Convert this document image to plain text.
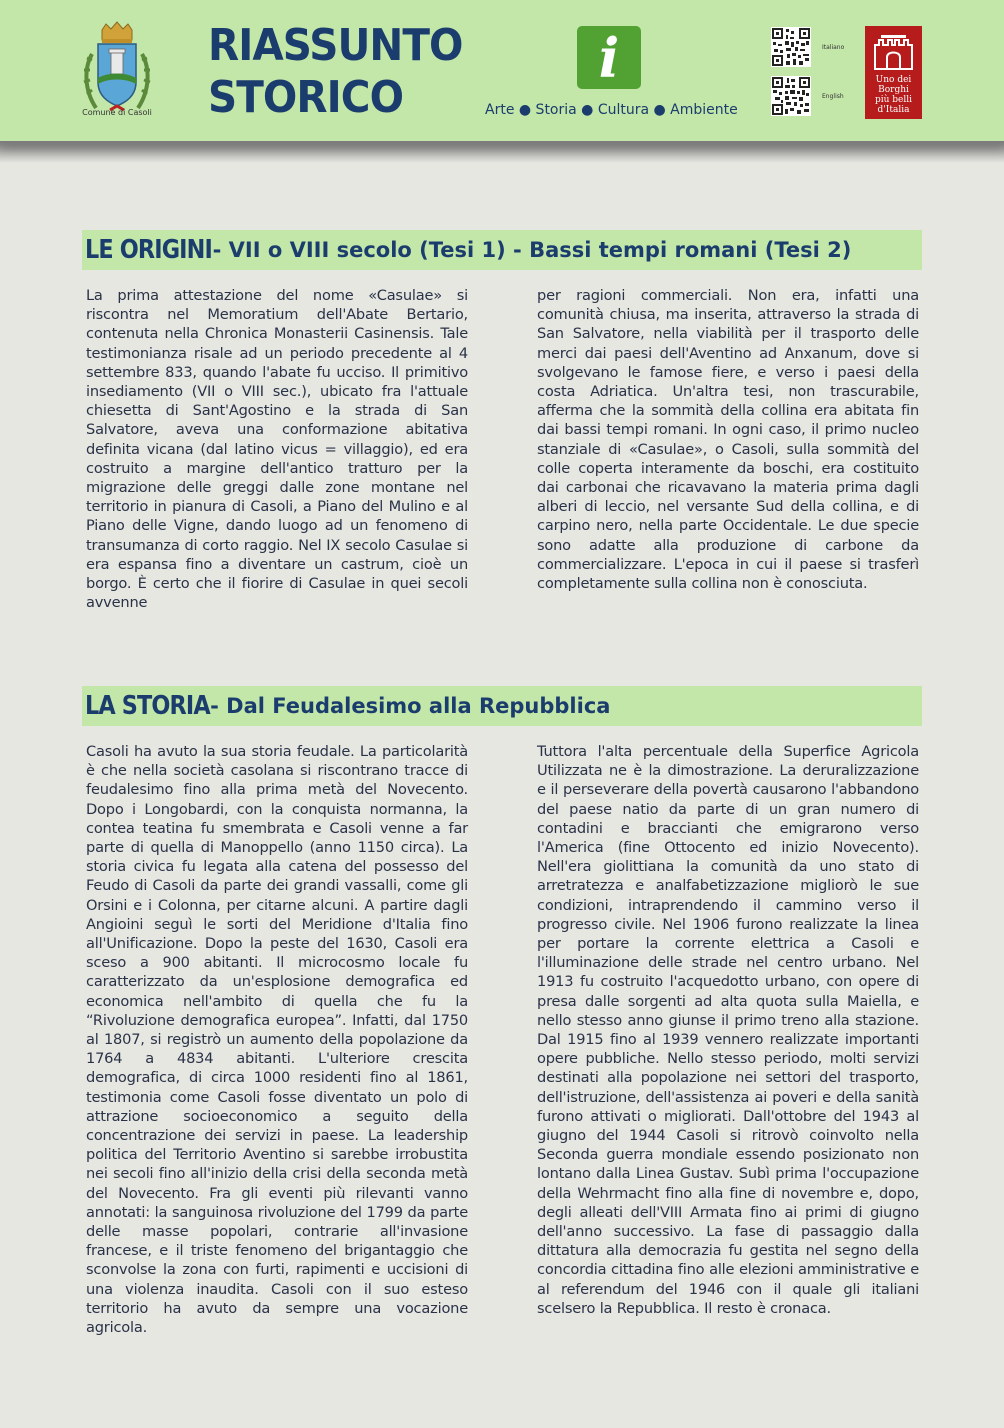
Comune di Casoli
RIASSUNTO
STORICO
i
Arte ● Storia ● Cultura ● Ambiente
Italiano
English
Uno dei
Borghi
più belli
d'Italia
LE ORIGINI - VII o VIII secolo (Tesi 1) - Bassi tempi romani (Tesi 2)
La prima attestazione del nome «Casulae» si riscontra nel Memoratium dell'Abate Bertario, contenuta nella Chronica Monasterii Casinensis. Tale testimonianza risale ad un periodo precedente al 4 settembre 833, quando l'abate fu ucciso. Il primitivo insediamento (VII o VIII sec.), ubicato fra l'attuale chiesetta di Sant'Agostino e la strada di San Salvatore, aveva una conformazione abitativa definita vicana (dal latino vicus = villaggio), ed era costruito a margine dell'antico tratturo per la migrazione delle greggi dalle zone montane nel territorio in pianura di Casoli, a Piano del Mulino e al Piano delle Vigne, dando luogo ad un fenomeno di transumanza di corto raggio. Nel IX secolo Casulae si era espansa fino a diventare un castrum, cioè un borgo. È certo che il fiorire di Casulae in quei secoli avvenne
per ragioni commerciali. Non era, infatti una comunità chiusa, ma inserita, attraverso la strada di San Salvatore, nella viabilità per il trasporto delle merci dai paesi dell'Aventino ad Anxanum, dove si svolgevano le famose fiere, e verso i paesi della costa Adriatica. Un'altra tesi, non trascurabile, afferma che la sommità della collina era abitata fin dai bassi tempi romani. In ogni caso, il primo nucleo stanziale di «Casulae», o Casoli, sulla sommità del colle coperta interamente da boschi, era costituito dai carbonai che ricavavano la materia prima dagli alberi di leccio, nel versante Sud della collina, e di carpino nero, nella parte Occidentale. Le due specie sono adatte alla produzione di carbone da commercializzare. L'epoca in cui il paese si trasferì completamente sulla collina non è conosciuta.
LA STORIA - Dal Feudalesimo alla Repubblica
Casoli ha avuto la sua storia feudale. La particolarità è che nella società casolana si riscontrano tracce di feudalesimo fino alla prima metà del Novecento. Dopo i Longobardi, con la conquista normanna, la contea teatina fu smembrata e Casoli venne a far parte di quella di Manoppello (anno 1150 circa). La storia civica fu legata alla catena del possesso del Feudo di Casoli da parte dei grandi vassalli, come gli Orsini e i Colonna, per citarne alcuni. A partire dagli Angioini seguì le sorti del Meridione d'Italia fino all'Unificazione. Dopo la peste del 1630, Casoli era sceso a 900 abitanti. Il microcosmo locale fu caratterizzato da un'esplosione demografica ed economica nell'ambito di quella che fu la “Rivoluzione demografica europea”. Infatti, dal 1750 al 1807, si registrò un aumento della popolazione da 1764 a 4834 abitanti. L'ulteriore crescita demografica, di circa 1000 residenti fino al 1861, testimonia come Casoli fosse diventato un polo di attrazione socioeconomico a seguito della concentrazione dei servizi in paese. La leadership politica del Territorio Aventino si sarebbe irrobustita nei secoli fino all'inizio della crisi della seconda metà del Novecento. Fra gli eventi più rilevanti vanno annotati: la sanguinosa rivoluzione del 1799 da parte delle masse popolari, contrarie all'invasione francese, e il triste fenomeno del brigantaggio che sconvolse la zona con furti, rapimenti e uccisioni di una violenza inaudita. Casoli con il suo esteso territorio ha avuto da sempre una vocazione agricola.
Tuttora l'alta percentuale della Superfice Agricola Utilizzata ne è la dimostrazione. La deruralizzazione e il perseverare della povertà causarono l'abbandono del paese natio da parte di un gran numero di contadini e braccianti che emigrarono verso l'America (fine Ottocento ed inizio Novecento). Nell'era giolittiana la comunità da uno stato di arretratezza e analfabetizzazione migliorò le sue condizioni, intraprendendo il cammino verso il progresso civile. Nel 1906 furono realizzate la linea per portare la corrente elettrica a Casoli e l'illuminazione delle strade nel centro urbano. Nel 1913 fu costruito l'acquedotto urbano, con opere di presa dalle sorgenti ad alta quota sulla Maiella, e nello stesso anno giunse il primo treno alla stazione. Dal 1915 fino al 1939 vennero realizzate importanti opere pubbliche. Nello stesso periodo, molti servizi destinati alla popolazione nei settori del trasporto, dell'istruzione, dell'assistenza ai poveri e della sanità furono attivati o migliorati. Dall'ottobre del 1943 al giugno del 1944 Casoli si ritrovò coinvolto nella Seconda guerra mondiale essendo posizionato non lontano dalla Linea Gustav. Subì prima l'occupazione della Wehrmacht fino alla fine di novembre e, dopo, degli alleati dell'VIII Armata fino ai primi di giugno dell'anno successivo. La fase di passaggio dalla dittatura alla democrazia fu gestita nel segno della concordia cittadina fino alle elezioni amministrative e al referendum del 1946 con il quale gli italiani scelsero la Repubblica. Il resto è cronaca.
